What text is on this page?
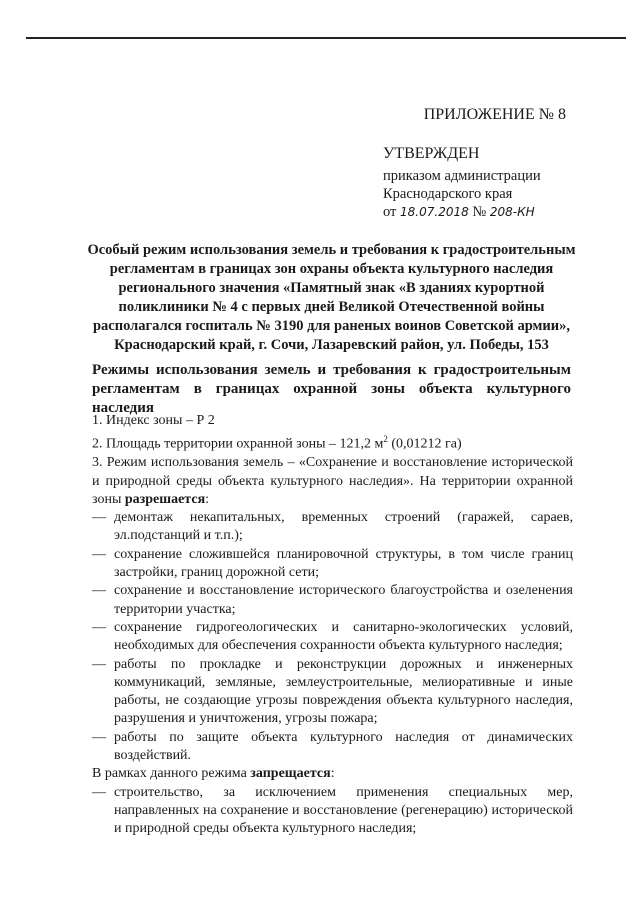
ПРИЛОЖЕНИЕ № 8
УТВЕРЖДЕН
приказом администрации
Краснодарского края
от 18.07.2018 № 208-КН
Особый режим использования земель и требования к градостроительным регламентам в границах зон охраны объекта культурного наследия регионального значения «Памятный знак «В зданиях курортной поликлиники № 4 с первых дней Великой Отечественной войны располагался госпиталь № 3190 для раненых воинов Советской армии», Краснодарский край, г. Сочи, Лазаревский район, ул. Победы, 153
Режимы использования земель и требования к градостроительным регламентам в границах охранной зоны объекта культурного наследия

1. Индекс зоны – Р 2

2. Площадь территории охранной зоны – 121,2 $м^2$ (0,01212 га)

3. Режим использования земель – «Сохранение и восстановление исторической и природной среды объекта культурного наследия». На территории охранной зоны разрешается:

— демонтаж некапитальных, временных строений (гаражей, сараев, эл.подстанций и т.п.);
— сохранение сложившейся планировочной структуры, в том числе границ застройки, границ дорожной сети;
— сохранение и восстановление исторического благоустройства и озеленения территории участка;
— сохранение гидрогеологических и санитарно-экологических условий, необходимых для обеспечения сохранности объекта культурного наследия;
— работы по прокладке и реконструкции дорожных и инженерных коммуникаций, земляные, землеустроительные, мелиоративные и иные работы, не создающие угрозы повреждения объекта культурного наследия, разрушения и уничтожения, угрозы пожара;
— работы по защите объекта культурного наследия от динамических воздействий.

В рамках данного режима запрещается:

— строительство, за исключением применения специальных мер, направленных на сохранение и восстановление (регенерацию) исторической и природной среды объекта культурного наследия;
